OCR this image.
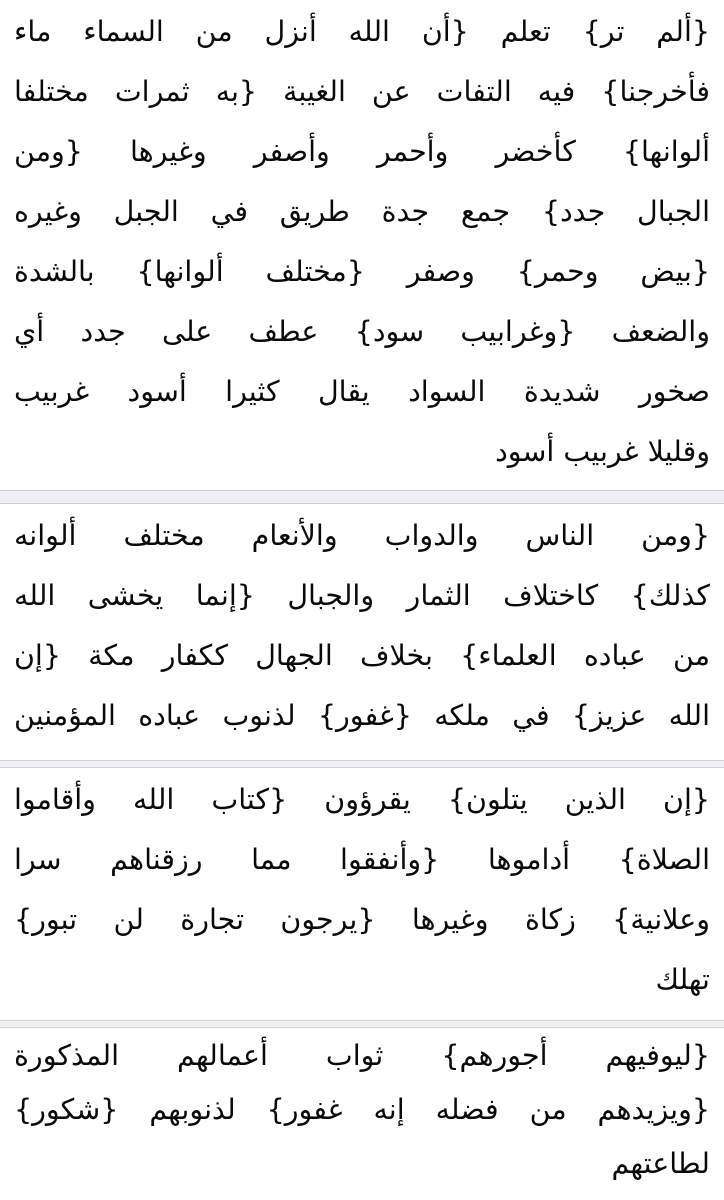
{ألم تر} تعلم {أن الله أنزل من السماء ماء
فأخرجنا} فيه التفات عن الغيبة {به ثمرات مختلفا
ألوانها} كأخضر وأحمر وأصفر وغيرها {ومن
الجبال جدد} جمع جدة طريق في الجبل وغيره
{بيض وحمر} وصفر {مختلف ألوانها} بالشدة
والضعف {وغرابيب سود} عطف على جدد أي
صخور شديدة السواد يقال كثيرا أسود غربيب
وقليلا غربيب أسود
{ومن الناس والدواب والأنعام مختلف ألوانه
كذلك} كاختلاف الثمار والجبال {إنما يخشى الله
من عباده العلماء} بخلاف الجهال ككفار مكة {إن
الله عزيز} في ملكه {غفور} لذنوب عباده المؤمنين
{إن الذين يتلون} يقرؤون {كتاب الله وأقاموا
الصلاة} أداموها {وأنفقوا مما رزقناهم سرا
وعلانية} زكاة وغيرها {يرجون تجارة لن تبور}
تهلك
{ليوفيهم أجورهم} ثواب أعمالهم المذكورة
{ويزيدهم من فضله إنه غفور} لذنوبهم {شكور}
لطاعتهم
